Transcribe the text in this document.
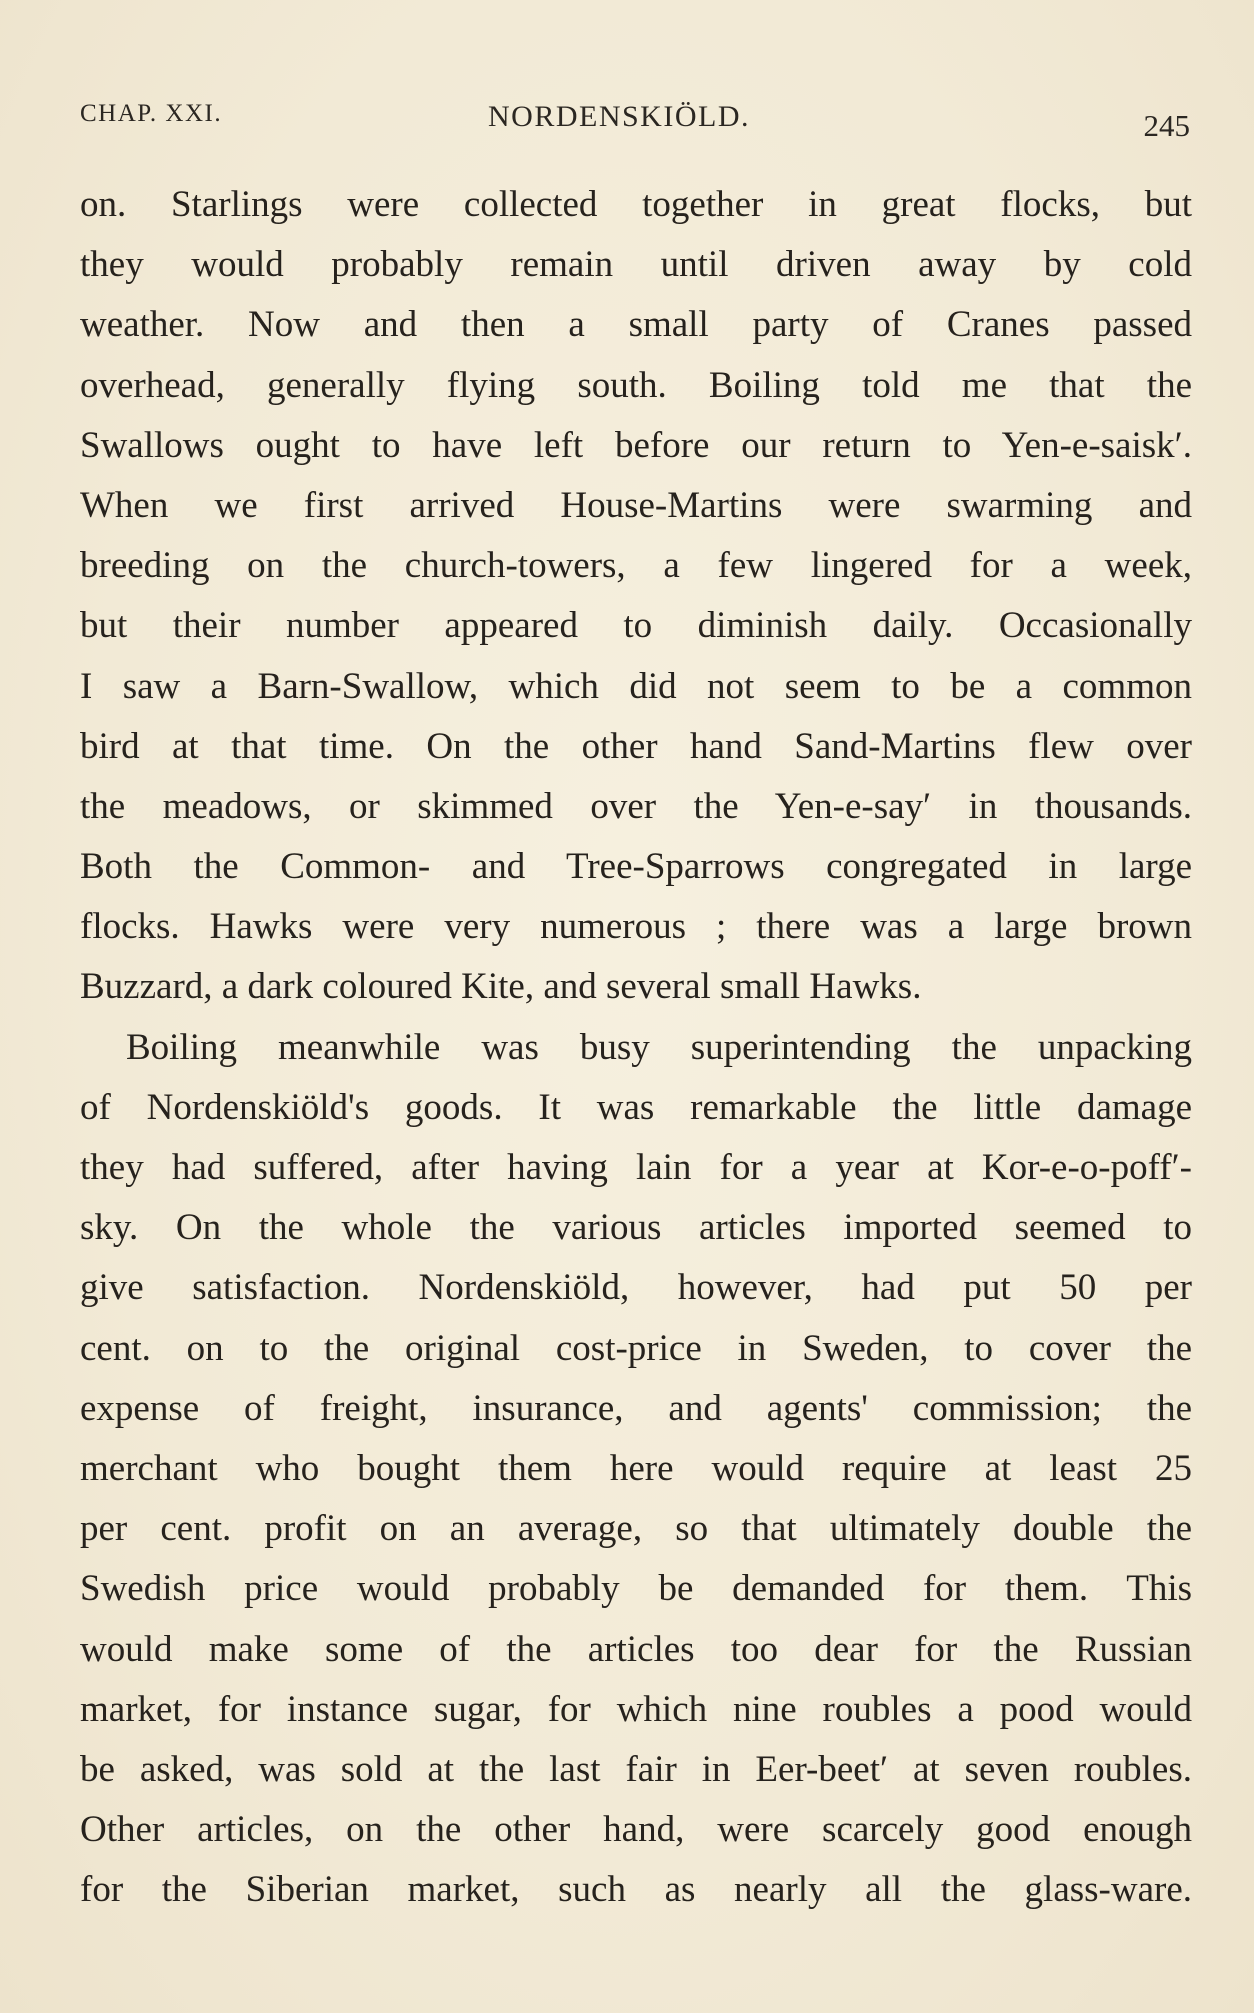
CHAP. XXI.	NORDENSKIÖLD.	245
on. Starlings were collected together in great flocks, but
they would probably remain until driven away by cold
weather. Now and then a small party of Cranes passed
overhead, generally flying south. Boiling told me that the
Swallows ought to have left before our return to Yen-e-saisk′.
When we first arrived House-Martins were swarming and
breeding on the church-towers, a few lingered for a week,
but their number appeared to diminish daily. Occasionally
I saw a Barn-Swallow, which did not seem to be a common
bird at that time. On the other hand Sand-Martins flew over
the meadows, or skimmed over the Yen-e-say′ in thousands.
Both the Common- and Tree-Sparrows congregated in large
flocks. Hawks were very numerous ; there was a large brown
Buzzard, a dark coloured Kite, and several small Hawks.
Boiling meanwhile was busy superintending the unpacking
of Nordenskiöld's goods. It was remarkable the little damage
they had suffered, after having lain for a year at Kor-e-o-poff′-
sky. On the whole the various articles imported seemed to
give satisfaction. Nordenskiöld, however, had put 50 per
cent. on to the original cost-price in Sweden, to cover the
expense of freight, insurance, and agents' commission; the
merchant who bought them here would require at least 25
per cent. profit on an average, so that ultimately double the
Swedish price would probably be demanded for them. This
would make some of the articles too dear for the Russian
market, for instance sugar, for which nine roubles a pood would
be asked, was sold at the last fair in Eer-beet′ at seven roubles.
Other articles, on the other hand, were scarcely good enough
for the Siberian market, such as nearly all the glass-ware.
